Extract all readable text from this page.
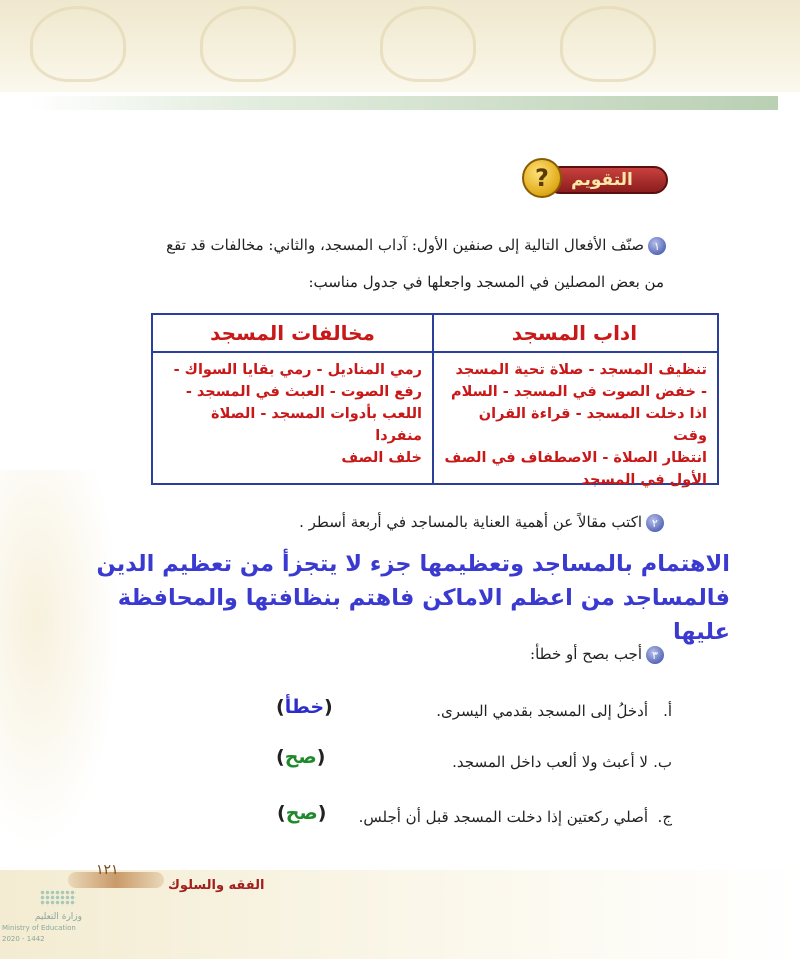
التقويم
?
١صنّف الأفعال التالية إلى صنفين الأول: آداب المسجد، والثاني: مخالفات قد تقع
من بعض المصلين في المسجد واجعلها في جدول مناسب:
اداب المسجد
تنظيف المسجد - صلاة تحية المسجد
- خفض الصوت في المسجد - السلام
اذا دخلت المسجد - قراءة القران وقت
انتظار الصلاة - الاصطفاف في الصف
الأول في المسجد
مخالفات المسجد
رمي المناديل - رمي بقايا السواك -
رفع الصوت - العبث في المسجد -
اللعب بأدوات المسجد - الصلاة منفردا
خلف الصف
٢اكتب مقالاً عن أهمية العناية بالمساجد في أربعة أسطر .
الاهتمام بالمساجد وتعظيمها جزء لا يتجزأ من تعظيم الدين
فالمساجد من اعظم الاماكن فاهتم بنظافتها والمحافظة عليها
٣أجب بصح أو خطأ:
أ.أدخلُ إلى المسجد بقدمي اليسرى.
(خطأ)
ب.لا أعبث ولا ألعب داخل المسجد.
(صح)
ج.أصلي ركعتين إذا دخلت المسجد قبل أن أجلس.
(صح)
١٢١
الفقه والسلوك
وزارة التعليم
Ministry of Education
2020 - 1442
